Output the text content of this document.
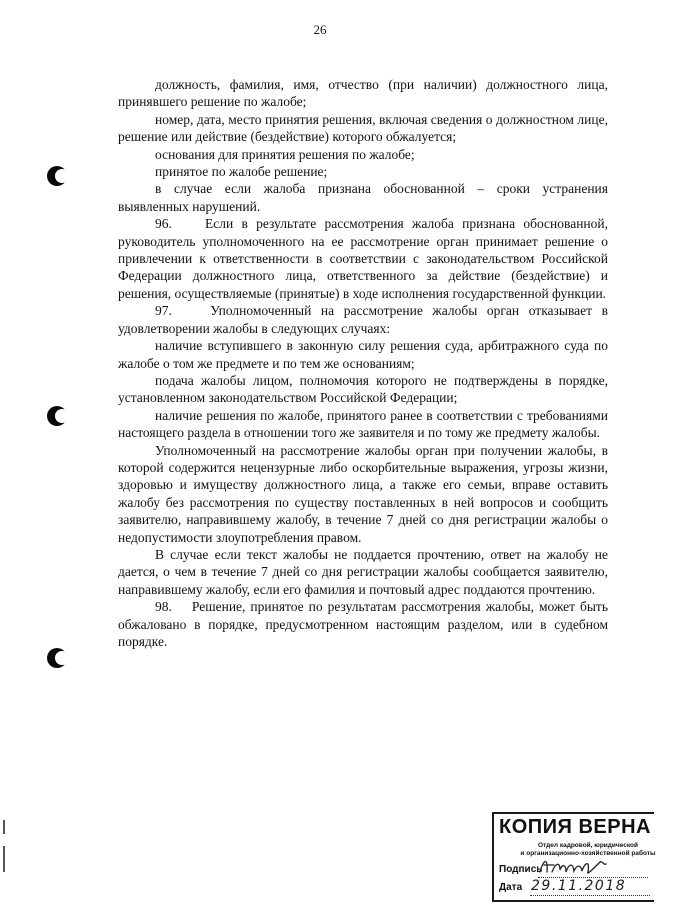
26

должность, фамилия, имя, отчество (при наличии) должностного лица, принявшего решение по жалобе;

номер, дата, место принятия решения, включая сведения о должностном лице, решение или действие (бездействие) которого обжалуется;

основания для принятия решения по жалобе;

принятое по жалобе решение;

в случае если жалоба признана обоснованной – сроки устранения выявленных нарушений.

96.    Если в результате рассмотрения жалоба признана обоснованной, руководитель уполномоченного на ее рассмотрение орган принимает решение о привлечении к ответственности в соответствии с законодательством Российской Федерации должностного лица, ответственного за действие (бездействие) и решения, осуществляемые (принятые) в ходе исполнения государственной функции.

97.    Уполномоченный на рассмотрение жалобы орган отказывает в удовлетворении жалобы в следующих случаях:

наличие вступившего в законную силу решения суда, арбитражного суда по жалобе о том же предмете и по тем же основаниям;

подача жалобы лицом, полномочия которого не подтверждены в порядке, установленном законодательством Российской Федерации;

наличие решения по жалобе, принятого ранее в соответствии с требованиями настоящего раздела в отношении того же заявителя и по тому же предмету жалобы.

Уполномоченный на рассмотрение жалобы орган при получении жалобы, в которой содержится нецензурные либо оскорбительные выражения, угрозы жизни, здоровью и имуществу должностного лица, а также его семьи, вправе оставить жалобу без рассмотрения по существу поставленных в ней вопросов и сообщить заявителю, направившему жалобу, в течение 7 дней со дня регистрации жалобы о недопустимости злоупотребления правом.

В случае если текст жалобы не поддается прочтению, ответ на жалобу не дается, о чем в течение 7 дней со дня регистрации жалобы сообщается заявителю, направившему жалобу, если его фамилия и почтовый адрес поддаются прочтению.

98.    Решение, принятое по результатам рассмотрения жалобы, может быть обжаловано в порядке, предусмотренном настоящим разделом, или в судебном порядке.

КОПИЯ ВЕРНА
Отдел кадровой, юридической
и организационно-хозяйственной работы
Подпись
Дата 29.11.2018
